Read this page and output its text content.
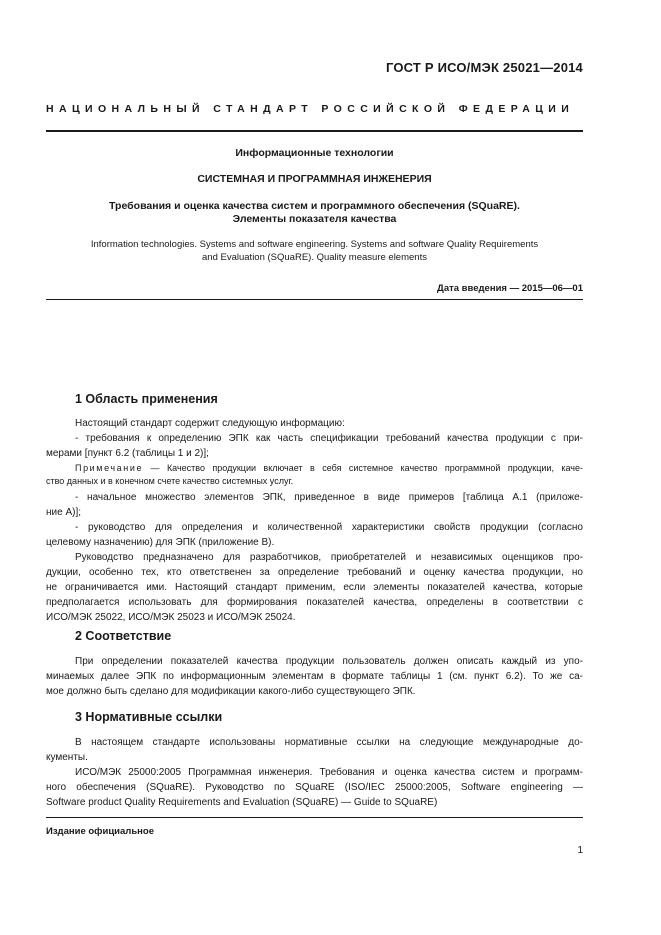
ГОСТ Р ИСО/МЭК 25021—2014
НАЦИОНАЛЬНЫЙ СТАНДАРТ РОССИЙСКОЙ ФЕДЕРАЦИИ
Информационные технологии
СИСТЕМНАЯ И ПРОГРАММНАЯ ИНЖЕНЕРИЯ
Требования и оценка качества систем и программного обеспечения (SQuaRE).
Элементы показателя качества
Information technologies. Systems and software engineering. Systems and software Quality Requirements
and Evaluation (SQuaRE). Quality measure elements
Дата введения — 2015—06—01
1 Область применения
Настоящий стандарт содержит следующую информацию:
- требования к определению ЭПК как часть спецификации требований качества продукции с при-
мерами [пункт 6.2 (таблицы 1 и 2)];
Примечание — Качество продукции включает в себя системное качество программной продукции, каче-
ство данных и в конечном счете качество системных услуг.
- начальное множество элементов ЭПК, приведенное в виде примеров [таблица А.1 (приложе-
ние А)];
- руководство для определения и количественной характеристики свойств продукции (согласно
целевому назначению) для ЭПК (приложение В).
Руководство предназначено для разработчиков, приобретателей и независимых оценщиков про-
дукции, особенно тех, кто ответственен за определение требований и оценку качества продукции, но
не ограничивается ими. Настоящий стандарт применим, если элементы показателей качества, которые
предполагается использовать для формирования показателей качества, определены в соответствии с
ИСО/МЭК 25022, ИСО/МЭК 25023 и ИСО/МЭК 25024.
2 Соответствие
При определении показателей качества продукции пользователь должен описать каждый из упо-
минаемых далее ЭПК по информационным элементам в формате таблицы 1 (см. пункт 6.2). То же са-
мое должно быть сделано для модификации какого-либо существующего ЭПК.
3 Нормативные ссылки
В настоящем стандарте использованы нормативные ссылки на следующие международные до-
кументы.
ИСО/МЭК 25000:2005 Программная инженерия. Требования и оценка качества систем и программ-
ного обеспечения (SQuaRE). Руководство по SQuaRE (ISO/IEC 25000:2005, Software engineering —
Software product Quality Requirements and Evaluation (SQuaRE) — Guide to SQuaRE)
Издание официальное
1
